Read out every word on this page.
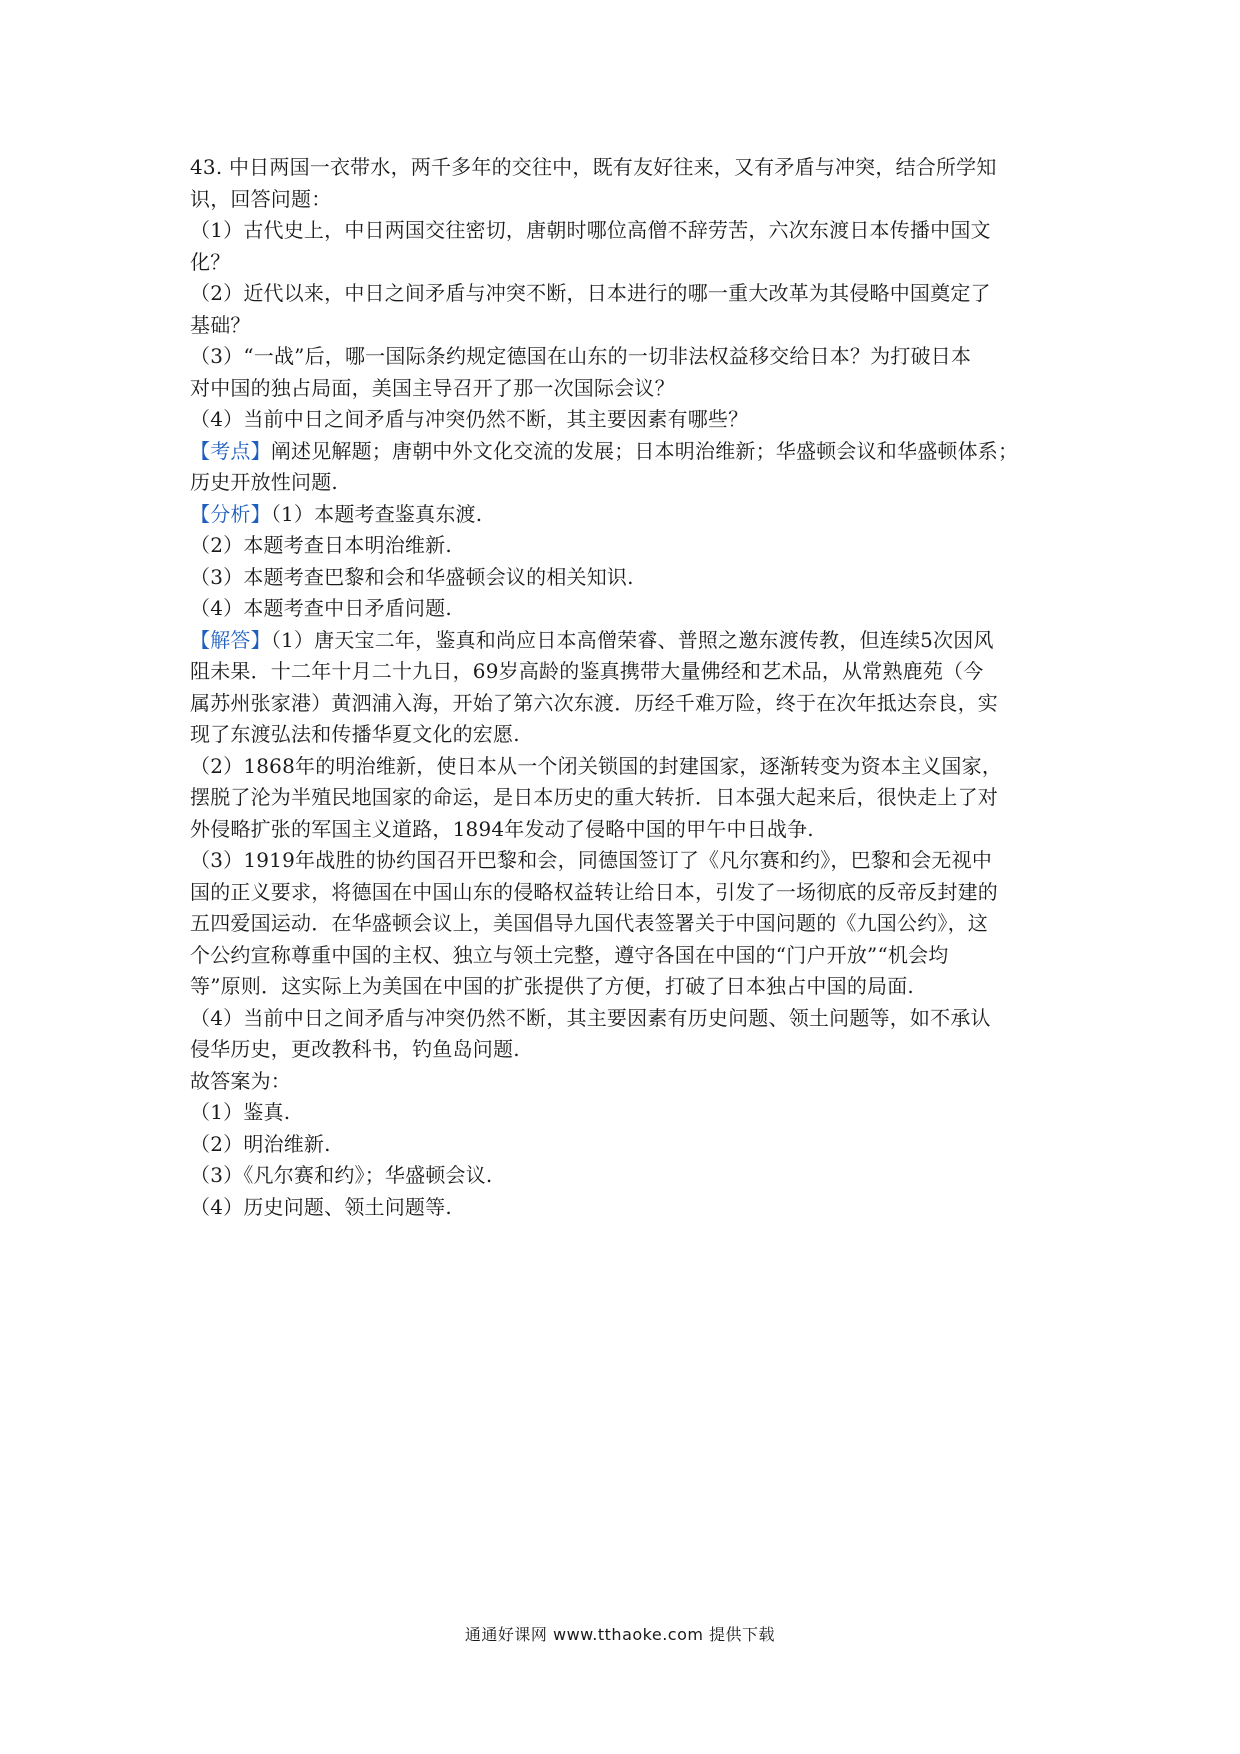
43. 中日两国一衣带水，两千多年的交往中，既有友好往来，又有矛盾与冲突，结合所学知
识，回答问题：
（1）古代史上，中日两国交往密切，唐朝时哪位高僧不辞劳苦，六次东渡日本传播中国文
化？
（2）近代以来，中日之间矛盾与冲突不断，日本进行的哪一重大改革为其侵略中国奠定了
基础？
（3）“一战”后，哪一国际条约规定德国在山东的一切非法权益移交给日本？为打破日本
对中国的独占局面，美国主导召开了那一次国际会议？
（4）当前中日之间矛盾与冲突仍然不断，其主要因素有哪些？
【考点】阐述见解题；唐朝中外文化交流的发展；日本明治维新；华盛顿会议和华盛顿体系；
历史开放性问题.
【分析】（1）本题考查鉴真东渡.
（2）本题考查日本明治维新.
（3）本题考查巴黎和会和华盛顿会议的相关知识.
（4）本题考查中日矛盾问题.
【解答】（1）唐天宝二年，鉴真和尚应日本高僧荣睿、普照之邀东渡传教，但连续5次因风
阻未果．十二年十月二十九日，69岁高龄的鉴真携带大量佛经和艺术品，从常熟鹿苑（今
属苏州张家港）黄泗浦入海，开始了第六次东渡．历经千难万险，终于在次年抵达奈良，实
现了东渡弘法和传播华夏文化的宏愿.
（2）1868年的明治维新，使日本从一个闭关锁国的封建国家，逐渐转变为资本主义国家，
摆脱了沦为半殖民地国家的命运，是日本历史的重大转折．日本强大起来后，很快走上了对
外侵略扩张的军国主义道路，1894年发动了侵略中国的甲午中日战争.
（3）1919年战胜的协约国召开巴黎和会，同德国签订了《凡尔赛和约》，巴黎和会无视中
国的正义要求，将德国在中国山东的侵略权益转让给日本，引发了一场彻底的反帝反封建的
五四爱国运动．在华盛顿会议上，美国倡导九国代表签署关于中国问题的《九国公约》，这
个公约宣称尊重中国的主权、独立与领土完整，遵守各国在中国的“门户开放”“机会均
等”原则．这实际上为美国在中国的扩张提供了方便，打破了日本独占中国的局面.
（4）当前中日之间矛盾与冲突仍然不断，其主要因素有历史问题、领土问题等，如不承认
侵华历史，更改教科书，钓鱼岛问题.
故答案为：
（1）鉴真.
（2）明治维新.
（3）《凡尔赛和约》；华盛顿会议.
（4）历史问题、领土问题等.
通通好课网 www.tthaoke.com 提供下载
